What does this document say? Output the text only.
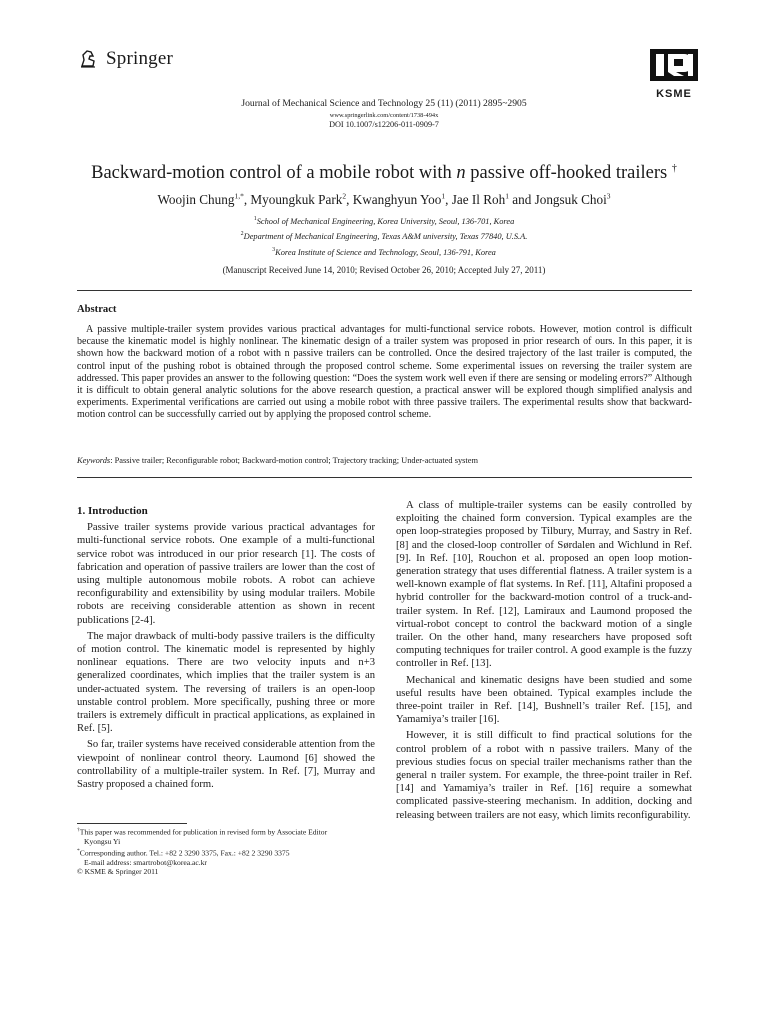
Springer
KSME
Journal of Mechanical Science and Technology 25 (11) (2011) 2895~2905
www.springerlink.com/content/1738-494x
DOI 10.1007/s12206-011-0909-7
Backward-motion control of a mobile robot with n passive off-hooked trailers †
Woojin Chung$^{1,*}$, Myoungkuk Park$^2$, Kwanghyun Yoo$^1$, Jae Il Roh$^1$ and Jongsuk Choi$^3$
$^1$School of Mechanical Engineering, Korea University, Seoul, 136-701, Korea
$^2$Department of Mechanical Engineering, Texas A&M university, Texas 77840, U.S.A.
$^3$Korea Institute of Science and Technology, Seoul, 136-791, Korea
(Manuscript Received June 14, 2010; Revised October 26, 2010; Accepted July 27, 2011)
Abstract
A passive multiple-trailer system provides various practical advantages for multi-functional service robots. However, motion control is difficult because the kinematic model is highly nonlinear. The kinematic design of a trailer system was proposed in prior research of ours. In this paper, it is shown how the backward motion of a robot with n passive trailers can be controlled. Once the desired trajectory of the last trailer is computed, the control input of the pushing robot is obtained through the proposed control scheme. Some experimental issues on reversing the trailer system are addressed. This paper provides an answer to the following question: “Does the system work well even if there are sensing or modeling errors?” Although it is difficult to obtain general analytic solutions for the above research question, a practical answer will be explored though simplified analysis and experiments. Experimental verifications are carried out using a mobile robot with three passive trailers. The experimental results show that backward-motion control can be successfully carried out by applying the proposed control scheme.
Keywords: Passive trailer; Reconfigurable robot; Backward-motion control; Trajectory tracking; Under-actuated system

1. Introduction

Passive trailer systems provide various practical advantages for multi-functional service robots. One example of a multi-functional service robot was introduced in our prior research [1]. The costs of fabrication and operation of passive trailers are lower than the cost of using multiple autonomous mobile robots. A robot can achieve reconfigurability and extensibility by using modular trailers. Mobile robots are receiving considerable attention as shown in recent publications [2-4].

The major drawback of multi-body passive trailers is the difficulty of motion control. The kinematic model is represented by highly nonlinear equations. There are two velocity inputs and n+3 generalized coordinates, which implies that the trailer system is an under-actuated system. The reversing of trailers is an open-loop unstable control problem. More specifically, pushing three or more trailers is extremely difficult in practical applications, as explained in Ref. [5].

So far, trailer systems have received considerable attention from the viewpoint of nonlinear control theory. Laumond [6] showed the controllability of a multiple-trailer system. In Ref. [7], Murray and Sastry proposed a chained form.

A class of multiple-trailer systems can be easily controlled by exploiting the chained form conversion. Typical examples are the open loop-strategies proposed by Tilbury, Murray, and Sastry in Ref. [8] and the closed-loop controller of Sørdalen and Wichlund in Ref. [9]. In Ref. [10], Rouchon et al. proposed an open loop motion-generation strategy that uses differential flatness. A trailer system is a well-known example of flat systems. In Ref. [11], Altafini proposed a hybrid controller for the backward-motion control of a truck-and-trailer system. In Ref. [12], Lamiraux and Laumond proposed the virtual-robot concept to control the backward motion of a single trailer. On the other hand, many researchers have proposed soft computing techniques for trailer control. A good example is the fuzzy controller in Ref. [13].

Mechanical and kinematic designs have been studied and some useful results have been obtained. Typical examples include the three-point trailer in Ref. [14], Bushnell’s trailer Ref. [15], and Yamamiya’s trailer [16].

However, it is still difficult to find practical solutions for the control problem of a robot with n passive trailers. Many of the previous studies focus on special trailer mechanisms rather than the general n trailer system. For example, the three-point trailer in Ref. [14] and Yamamiya’s trailer in Ref. [16] require a somewhat complicated passive-steering mechanism. In addition, docking and releasing between trailers are not easy, which limits reconfigurability.

†This paper was recommended for publication in revised form by Associate Editor
Kyongsu Yi
*Corresponding author. Tel.: +82 2 3290 3375, Fax.: +82 2 3290 3375
E-mail address: smartrobot@korea.ac.kr
© KSME & Springer 2011
